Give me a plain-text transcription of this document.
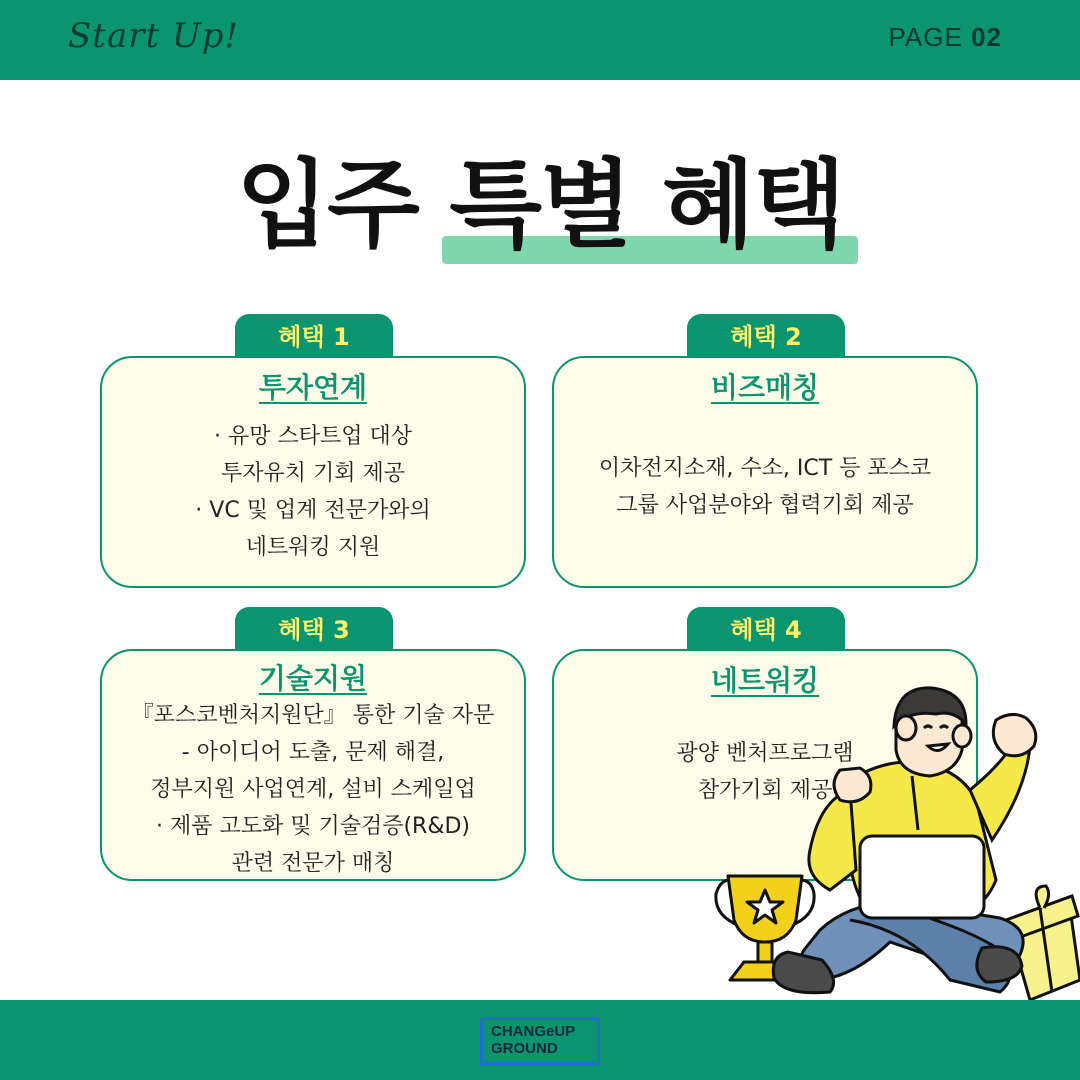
Start Up!	PAGE 02
입주 특별 혜택
혜택 1
투자연계
· 유망 스타트업 대상
투자유치 기회 제공
· VC 및 업계 전문가와의
네트워킹 지원
혜택 2
비즈매칭
이차전지소재, 수소, ICT 등 포스코
그룹 사업분야와 협력기회 제공
혜택 3
기술지원
『포스코벤처지원단』 통한 기술 자문
- 아이디어 도출, 문제 해결,
정부지원 사업연계, 설비 스케일업
· 제품 고도화 및 기술검증(R&D)
관련 전문가 매칭
혜택 4
네트워킹
광양 벤처프로그램
참가기회 제공
CHANGeUP
GROUND
